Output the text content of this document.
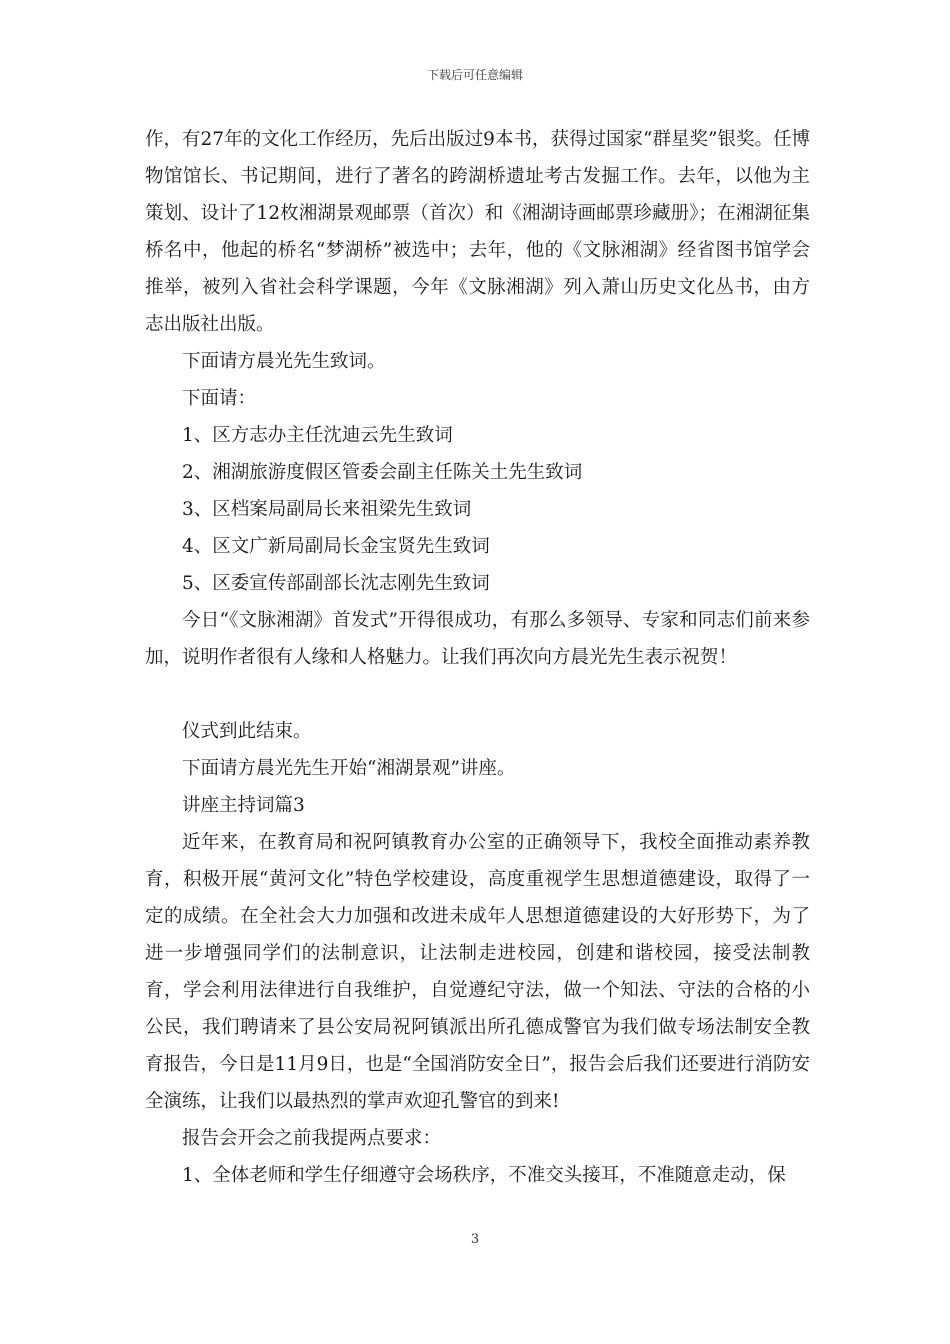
下载后可任意编辑

作，有27年的文化工作经历，先后出版过9本书，获得过国家“群星奖”银奖。任博物馆馆长、书记期间，进行了著名的跨湖桥遗址考古发掘工作。去年，以他为主策划、设计了12枚湘湖景观邮票（首次）和《湘湖诗画邮票珍藏册》；在湘湖征集桥名中，他起的桥名“梦湖桥”被选中；去年，他的《文脉湘湖》经省图书馆学会推举，被列入省社会科学课题，今年《文脉湘湖》列入萧山历史文化丛书，由方志出版社出版。

下面请方晨光先生致词。

下面请：

1、区方志办主任沈迪云先生致词

2、湘湖旅游度假区管委会副主任陈关土先生致词

3、区档案局副局长来祖梁先生致词

4、区文广新局副局长金宝贤先生致词

5、区委宣传部副部长沈志刚先生致词

今日“《文脉湘湖》首发式”开得很成功，有那么多领导、专家和同志们前来参加，说明作者很有人缘和人格魅力。让我们再次向方晨光先生表示祝贺！

仪式到此结束。

下面请方晨光先生开始“湘湖景观”讲座。

讲座主持词篇3

近年来，在教育局和祝阿镇教育办公室的正确领导下，我校全面推动素养教育，积极开展“黄河文化”特色学校建设，高度重视学生思想道德建设，取得了一定的成绩。在全社会大力加强和改进未成年人思想道德建设的大好形势下，为了进一步增强同学们的法制意识，让法制走进校园，创建和谐校园，接受法制教育，学会利用法律进行自我维护，自觉遵纪守法，做一个知法、守法的合格的小公民，我们聘请来了县公安局祝阿镇派出所孔德成警官为我们做专场法制安全教育报告，今日是11月9日，也是“全国消防安全日”，报告会后我们还要进行消防安全演练，让我们以最热烈的掌声欢迎孔警官的到来!

报告会开会之前我提两点要求：

1、全体老师和学生仔细遵守会场秩序，不准交头接耳，不准随意走动，保

3
